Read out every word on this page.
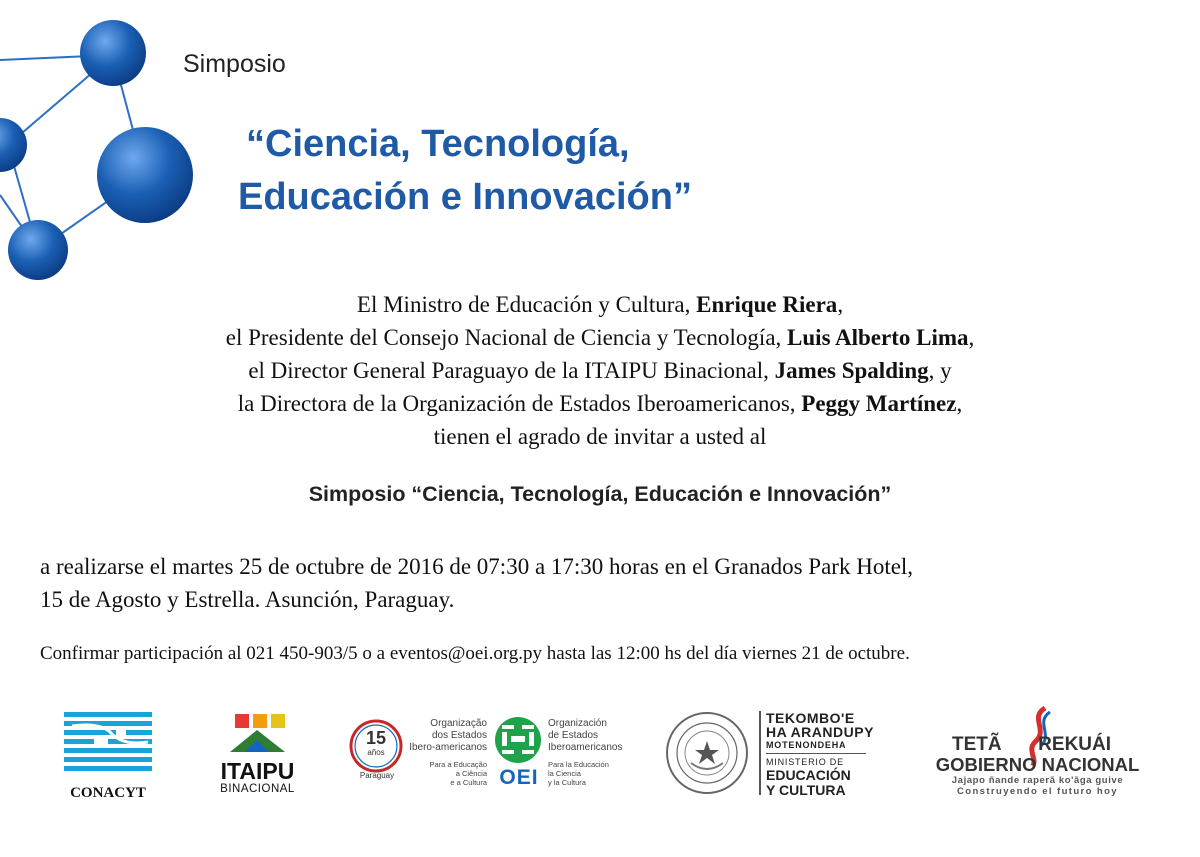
Simposio
“Ciencia, Tecnología,
Educación e Innovación”
El Ministro de Educación y Cultura, Enrique Riera,
el Presidente del Consejo Nacional de Ciencia y Tecnología, Luis Alberto Lima,
el Director General Paraguayo de la ITAIPU Binacional, James Spalding, y
la Directora de la Organización de Estados Iberoamericanos, Peggy Martínez,
tienen el agrado de invitar a usted al
Simposio “Ciencia, Tecnología, Educación e Innovación”
a realizarse el martes 25 de octubre de 2016 de 07:30 a 17:30 horas en el Granados Park Hotel,
15 de Agosto y Estrella. Asunción, Paraguay.
Confirmar participación al 021 450-903/5 o a eventos@oei.org.py hasta las 12:00 hs del día viernes 21 de octubre.
CONACYT
ITAIPU
BINACIONAL
15
años
Paraguay
Organização
dos Estados
Ibero-americanos
Para a Educação
a Ciência
e a Cultura OEI
Organización
de Estados
Iberoamericanos
Para la Educación
la Ciencia
y la Cultura
TEKOMBO'E
HA ARANDUPY
MOTENONDEHA
MINISTERIO DE
EDUCACIÓN
Y CULTURA
TETÃ REKUÁI
GOBIERNO NACIONAL
Jajapo ñande raperã ko'ãga guive
Construyendo el futuro hoy
